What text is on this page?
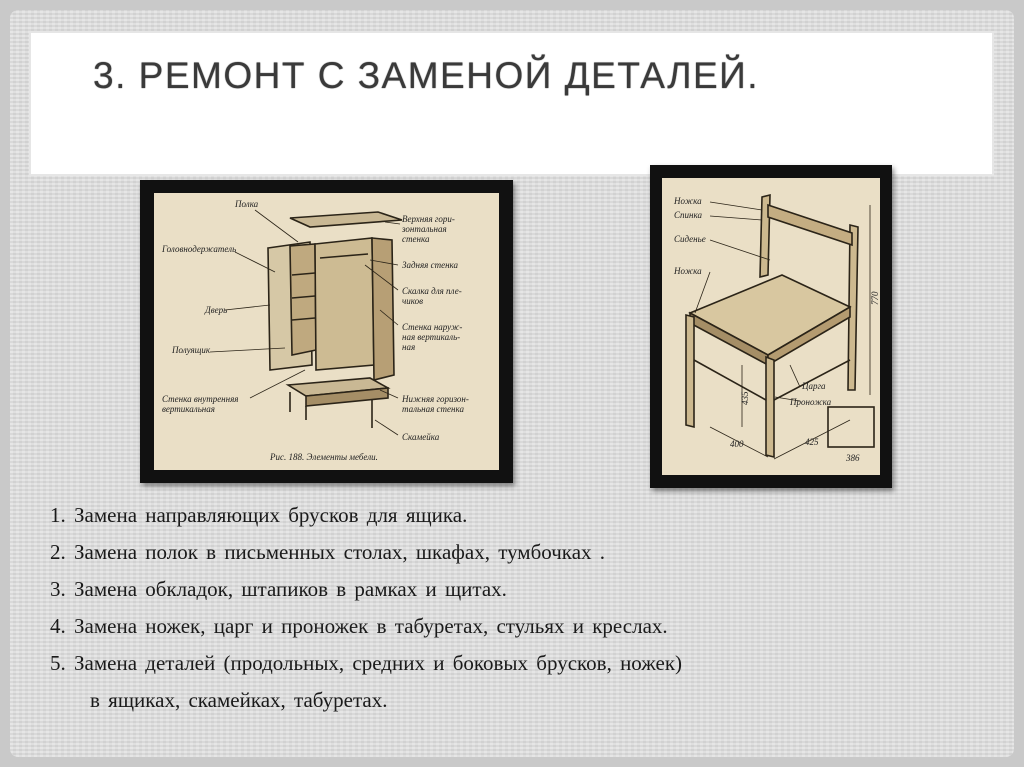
3. РЕМОНТ С ЗАМЕНОЙ ДЕТАЛЕЙ.
Полка
Верхняя гори-
зонтальная
стенка
Головнодержатель
Задняя стенка
Дверь
Скалка для пле-
чиков
Полуящик
Стенка наруж-
ная вертикаль-
ная
Стенка внутренняя
вертикальная
Нижняя горизон-
тальная стенка
Скамейка
Рис. 188. Элементы мебели.
Ножка
Спинка
Сиденье
Ножка
Царга
Проножка
770
435
400	425
386
1. Замена направляющих брусков для ящика.
2. Замена полок в письменных столах, шкафах, тумбочках .
3. Замена обкладок, штапиков в рамках и щитах.
4. Замена ножек, царг и проножек в табуретах, стульях и креслах.
5. Замена деталей (продольных, средних и боковых брусков, ножек)
в ящиках, скамейках, табуретах.
